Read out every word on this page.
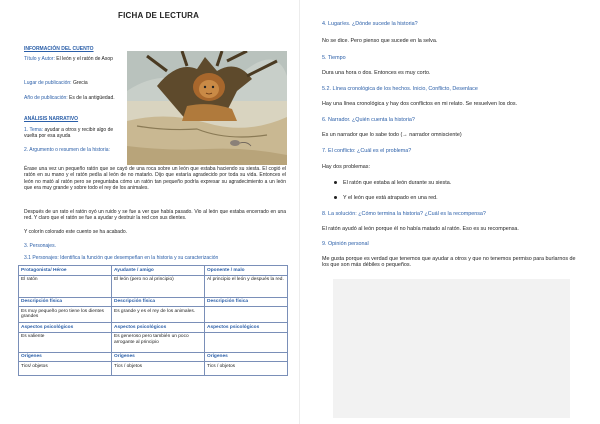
FICHA DE LECTURA
INFORMACIÓN DEL CUENTO
Título y Autor: El león y el ratón de Asop
Lugar de publicación: Grecia
Año de publicación: Es de la antigüedad.
ANÁLISIS NARRATIVO
1. Tema: ayudar a otros y recibir algo de vuelta por esa ayuda
2. Argumento o resumen de la historia:
Érase una vez un pequeño ratón que se cayó de una roca sobre un león que estaba haciendo su siesta. El cogió el ratón en su mano y el ratón pedía al león de no matarlo. Dijo que estaría agradecido por toda su vida. Entonces el león no mató al ratón pero se preguntaba cómo un ratón tan pequeño podría expresar su agradecimiento a un león que era muy grande y sobre todo el rey de los animales.
Después de un rato el ratón oyó un ruido y se fue a ver que había pasado. Vio al león que estaba encerrado en una red. Y claro que el ratón se fue a ayudar y destruir la red con sus dientes.
Y colorín colorado este cuento se ha acabado.
3. Personajes.
3.1 Personajes: Identifica la función que desempeñan en la historia y su caracterización
Protagonista/ Héroe	Ayudante / amigo	Oponente / malo
El ratón	El león (pero no al principio)	Al principio el león y después la red.
Descripción física	Descripción física	Descripción física
Es muy pequeño pero tiene los dientes grandes	Es grande y es el rey de los animales.	
Aspectos psicológicos	Aspectos psicológicos	Aspectos psicológicos
Es valiente	Es generoso pero también un poco arrogante al principio	
Orígenes	Orígenes	Orígenes
Tics/ objetos	Tics / objetos	Tics / objetos
4. Lugar/es. ¿Dónde sucede la historia?
No se dice. Pero pienso que sucede en la selva.
5. Tiempo
Dura una hora o dos. Entonces es muy corto.
5.2. Línea cronológica de los hechos. Inicio, Conflicto, Desenlace
Hay una línea cronológica y hay dos conflictos en mi relato. Se resuelven los dos.
6. Narrador. ¿Quién cuenta la historia?
Es un narrador que lo sabe todo (→ narrador omnisciente)
7. El conflicto: ¿Cuál es el problema?
Hay dos problemas:
El ratón que estaba al león durante su siesta.
Y el león que está atrapado en una red.
8. La solución: ¿Cómo termina la historia? ¿Cuál es la recompensa?
El ratón ayudó al león porque él no había matado al ratón. Eso es su recompensa.
9. Opinión personal
Me gusta porque es verdad que tenemos que ayudar a otros y que no tenemos permiso para burlarnos de los que son más débiles o pequeños.
